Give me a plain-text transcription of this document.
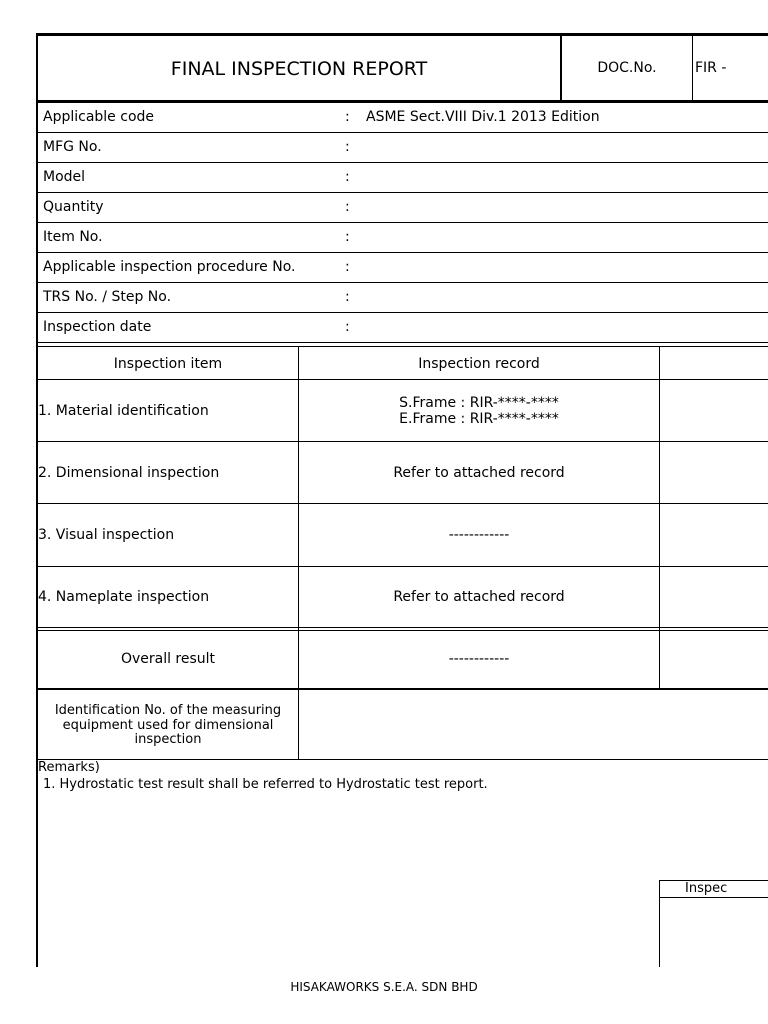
FINAL INSPECTION REPORT	DOC.No.	FIR -
Applicable code	: ASME Sect.VIII Div.1 2013 Edition
MFG No.	:
Model	:
Quantity	:
Item No.	:
Applicable inspection procedure No.	:
TRS No. / Step No.	:
Inspection date	:
Inspection item	Inspection record
1. Material identification	S.Frame : RIR-****-****
E.Frame : RIR-****-****
2. Dimensional inspection	Refer to attached record
3. Visual inspection	------------
4. Nameplate inspection	Refer to attached record
Overall result	------------
Identification No. of the measuring
equipment used for dimensional
inspection
Remarks)
1. Hydrostatic test result shall be referred to Hydrostatic test report.
Inspec
HISAKAWORKS S.E.A. SDN BHD
